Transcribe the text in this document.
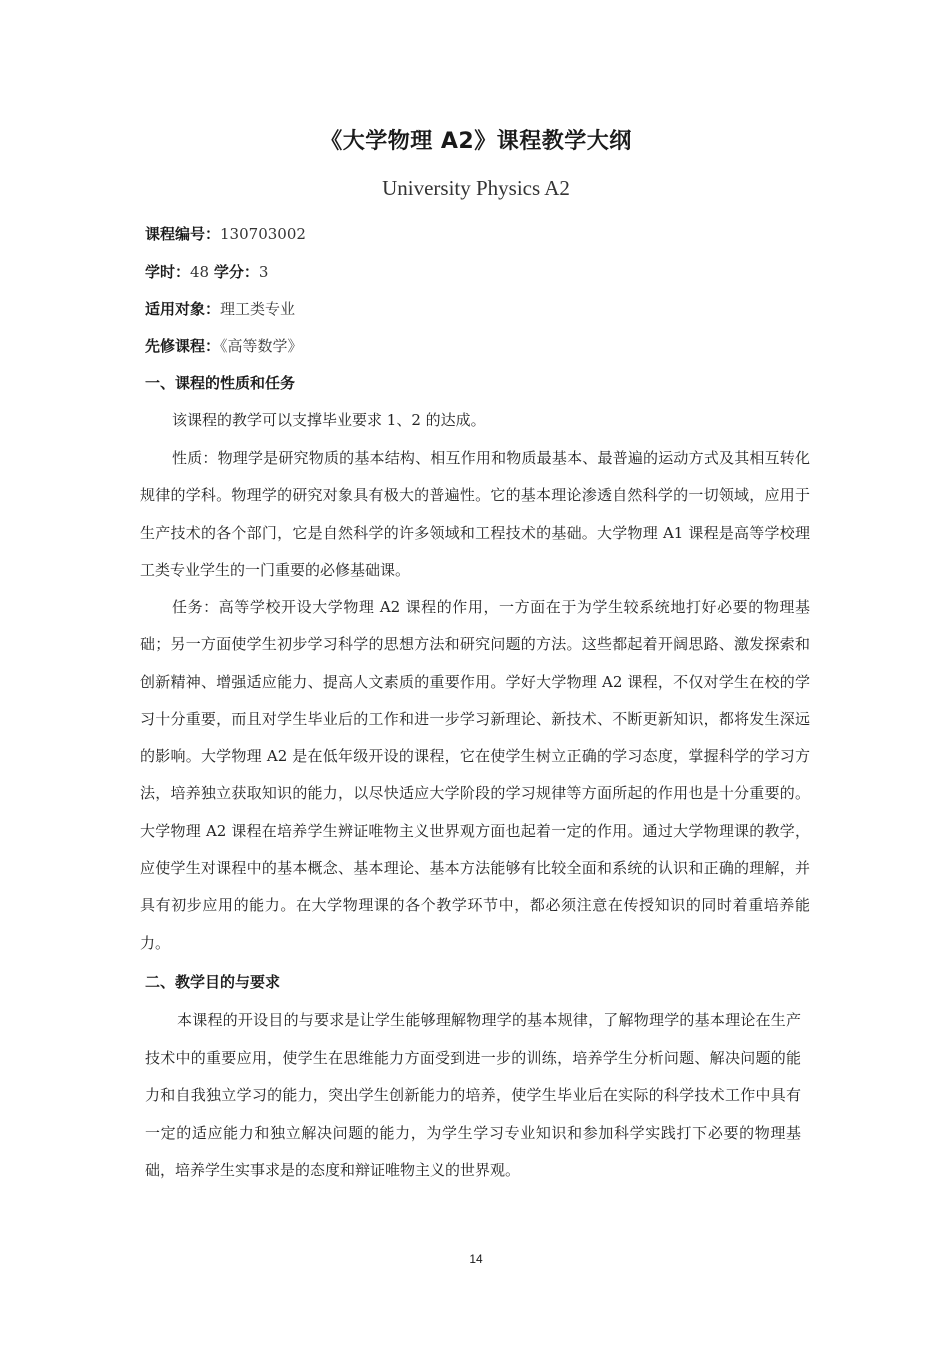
《大学物理 A2》课程教学大纲
University Physics A2
课程编号：130703002
学时：48 学分：3
适用对象：理工类专业
先修课程：《高等数学》
一、课程的性质和任务

该课程的教学可以支撑毕业要求 1、2 的达成。

性质：物理学是研究物质的基本结构、相互作用和物质最基本、最普遍的运动方式及其相互转化规律的学科。物理学的研究对象具有极大的普遍性。它的基本理论渗透自然科学的一切领域，应用于生产技术的各个部门，它是自然科学的许多领域和工程技术的基础。大学物理 A1 课程是高等学校理工类专业学生的一门重要的必修基础课。

任务：高等学校开设大学物理 A2 课程的作用，一方面在于为学生较系统地打好必要的物理基础；另一方面使学生初步学习科学的思想方法和研究问题的方法。这些都起着开阔思路、激发探索和创新精神、增强适应能力、提高人文素质的重要作用。学好大学物理 A2 课程，不仅对学生在校的学习十分重要，而且对学生毕业后的工作和进一步学习新理论、新技术、不断更新知识，都将发生深远的影响。大学物理 A2 是在低年级开设的课程，它在使学生树立正确的学习态度，掌握科学的学习方法，培养独立获取知识的能力，以尽快适应大学阶段的学习规律等方面所起的作用也是十分重要的。大学物理 A2 课程在培养学生辨证唯物主义世界观方面也起着一定的作用。通过大学物理课的教学，应使学生对课程中的基本概念、基本理论、基本方法能够有比较全面和系统的认识和正确的理解，并具有初步应用的能力。在大学物理课的各个教学环节中，都必须注意在传授知识的同时着重培养能力。

二、教学目的与要求

本课程的开设目的与要求是让学生能够理解物理学的基本规律，了解物理学的基本理论在生产技术中的重要应用，使学生在思维能力方面受到进一步的训练，培养学生分析问题、解决问题的能力和自我独立学习的能力，突出学生创新能力的培养，使学生毕业后在实际的科学技术工作中具有一定的适应能力和独立解决问题的能力，为学生学习专业知识和参加科学实践打下必要的物理基础，培养学生实事求是的态度和辩证唯物主义的世界观。

14
